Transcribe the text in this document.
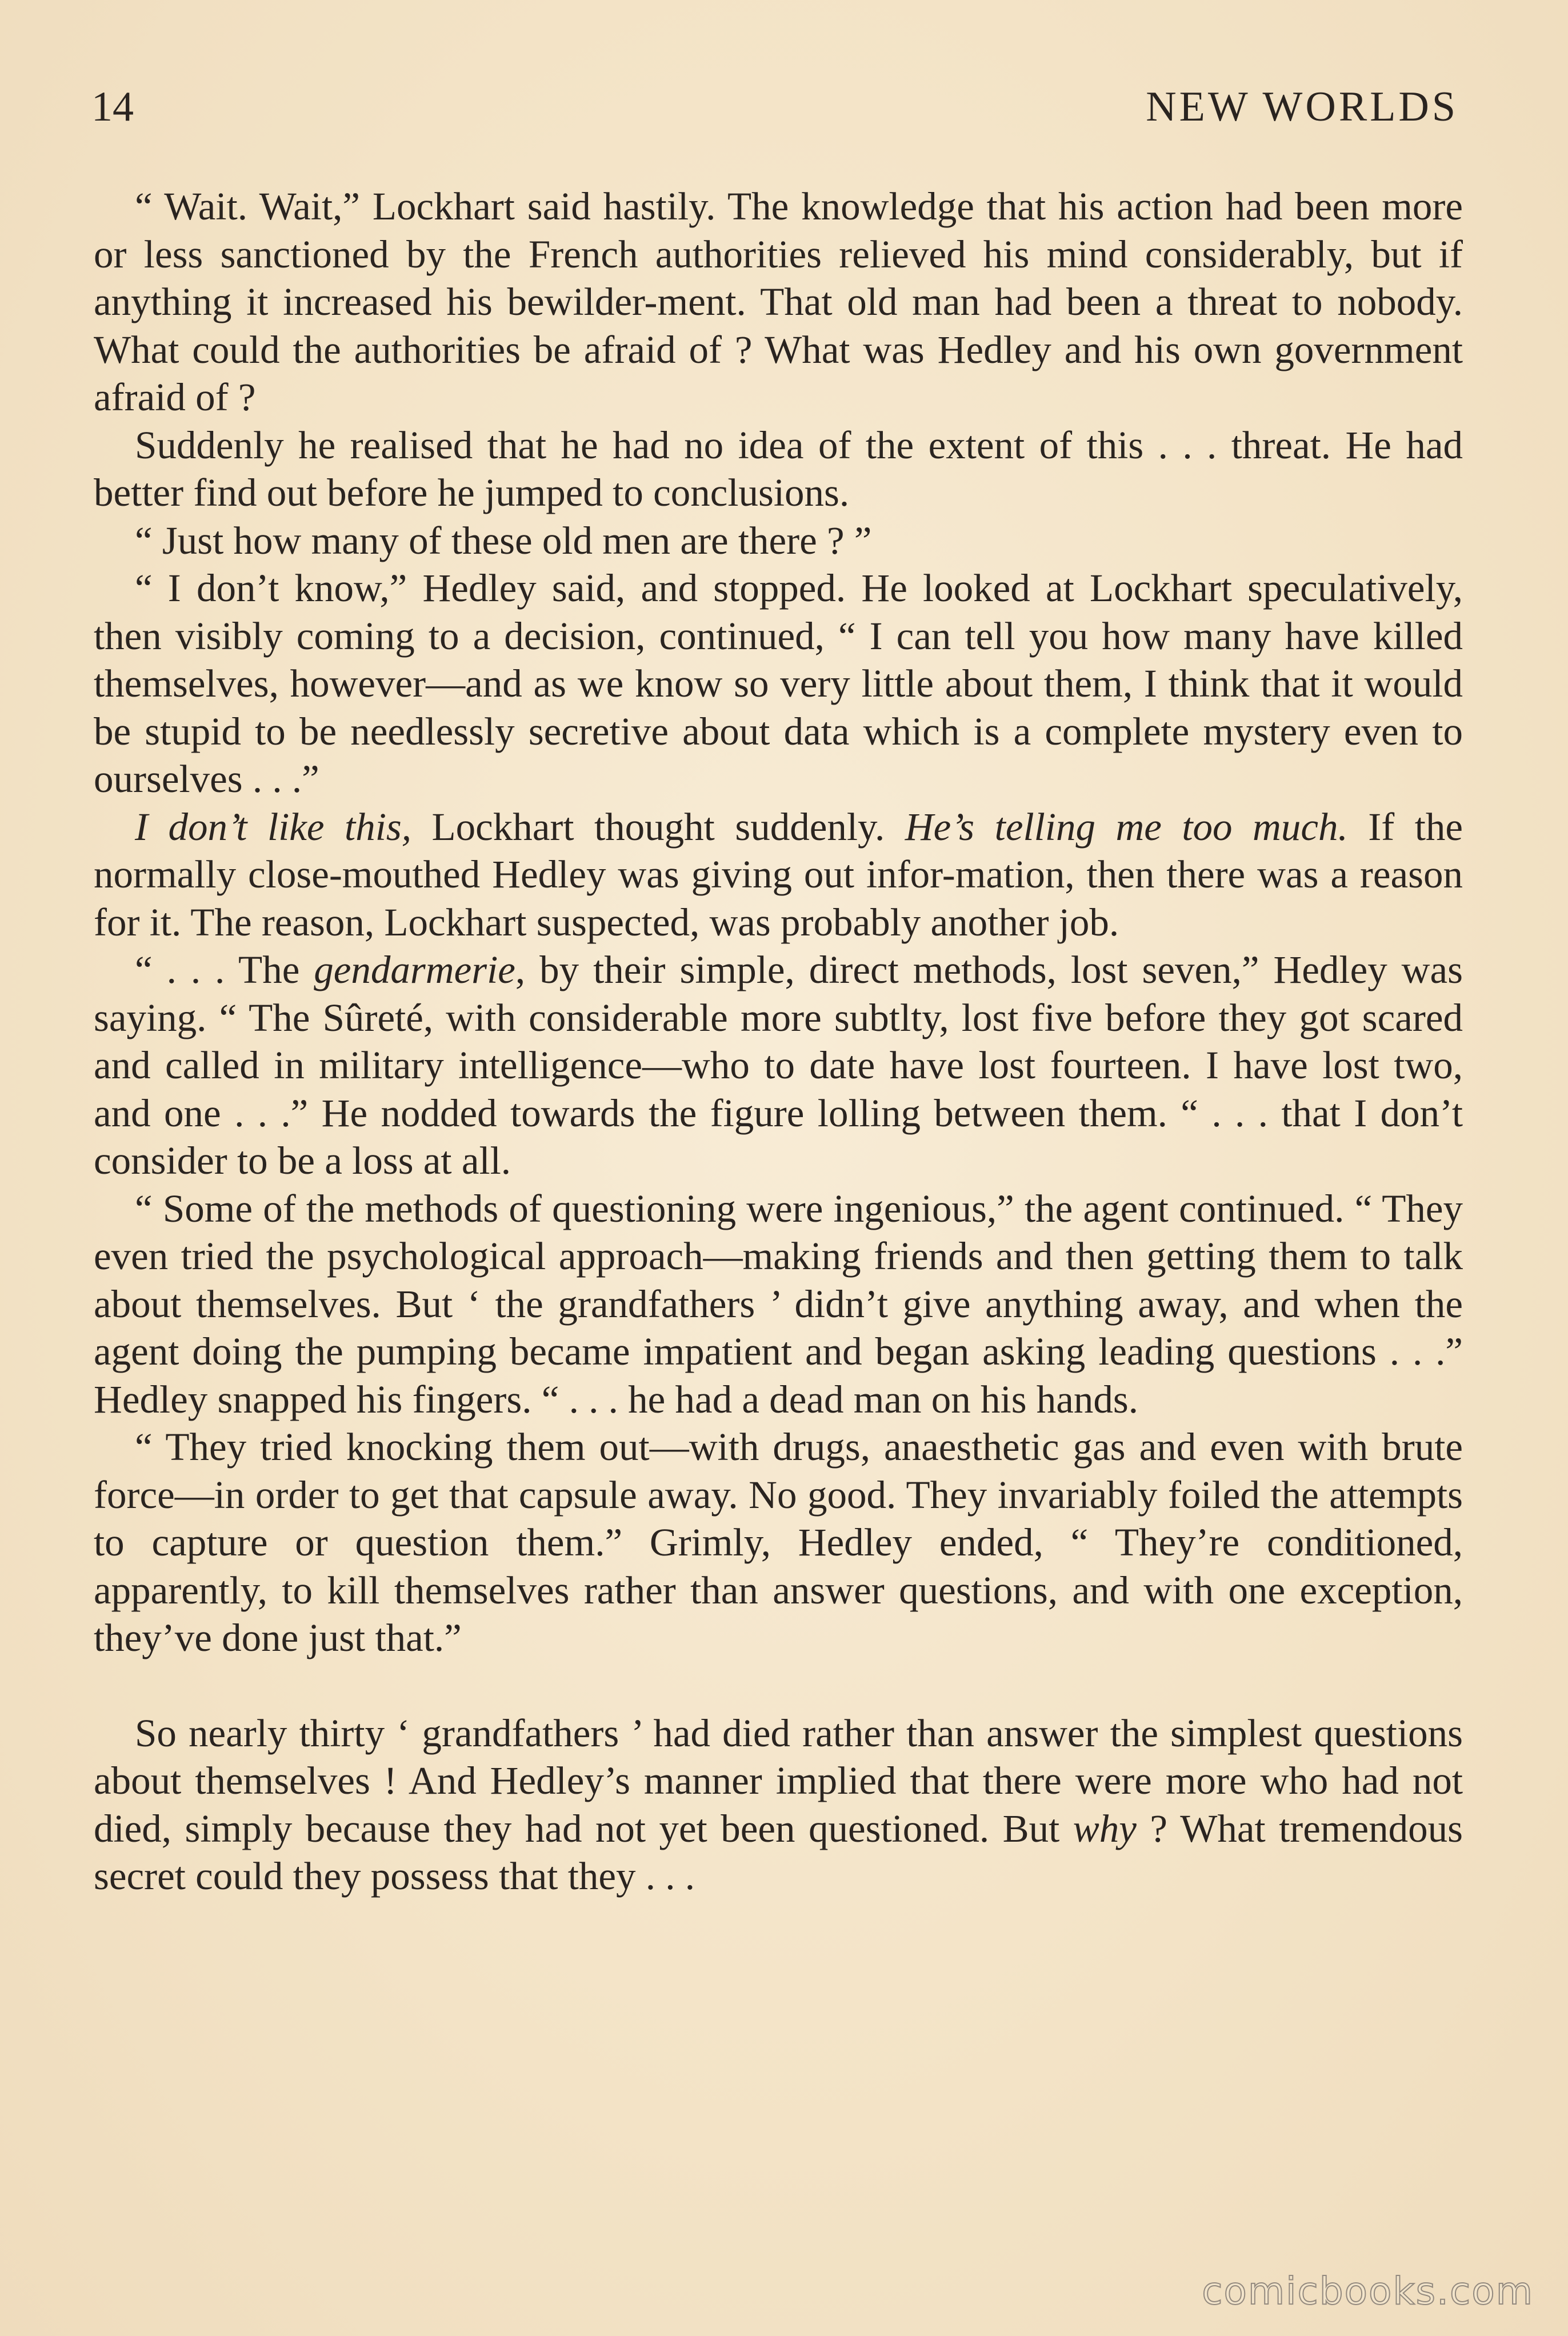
14	NEW WORLDS

“ Wait. Wait,” Lockhart said hastily. The knowledge that his action had been more or less sanctioned by the French authorities relieved his mind considerably, but if anything it increased his bewilder-ment. That old man had been a threat to nobody. What could the authorities be afraid of ? What was Hedley and his own government afraid of ?

Suddenly he realised that he had no idea of the extent of this . . . threat. He had better find out before he jumped to conclusions.

“ Just how many of these old men are there ? ”

“ I don’t know,” Hedley said, and stopped. He looked at Lockhart speculatively, then visibly coming to a decision, continued, “ I can tell you how many have killed themselves, however—and as we know so very little about them, I think that it would be stupid to be needlessly secretive about data which is a complete mystery even to ourselves . . .”

I don’t like this, Lockhart thought suddenly. He’s telling me too much. If the normally close-mouthed Hedley was giving out infor-mation, then there was a reason for it. The reason, Lockhart suspected, was probably another job.

“ . . . The gendarmerie, by their simple, direct methods, lost seven,” Hedley was saying. “ The Sûreté, with considerable more subtlty, lost five before they got scared and called in military intelligence—who to date have lost fourteen. I have lost two, and one . . .” He nodded towards the figure lolling between them. “ . . . that I don’t consider to be a loss at all.

“ Some of the methods of questioning were ingenious,” the agent continued. “ They even tried the psychological approach—making friends and then getting them to talk about themselves. But ‘ the grandfathers ’ didn’t give anything away, and when the agent doing the pumping became impatient and began asking leading questions . . .” Hedley snapped his fingers. “ . . . he had a dead man on his hands.

“ They tried knocking them out—with drugs, anaesthetic gas and even with brute force—in order to get that capsule away. No good. They invariably foiled the attempts to capture or question them.” Grimly, Hedley ended, “ They’re conditioned, apparently, to kill themselves rather than answer questions, and with one exception, they’ve done just that.”

So nearly thirty ‘ grandfathers ’ had died rather than answer the simplest questions about themselves ! And Hedley’s manner implied that there were more who had not died, simply because they had not yet been questioned. But why ? What tremendous secret could they possess that they . . .

comicbooks.com
